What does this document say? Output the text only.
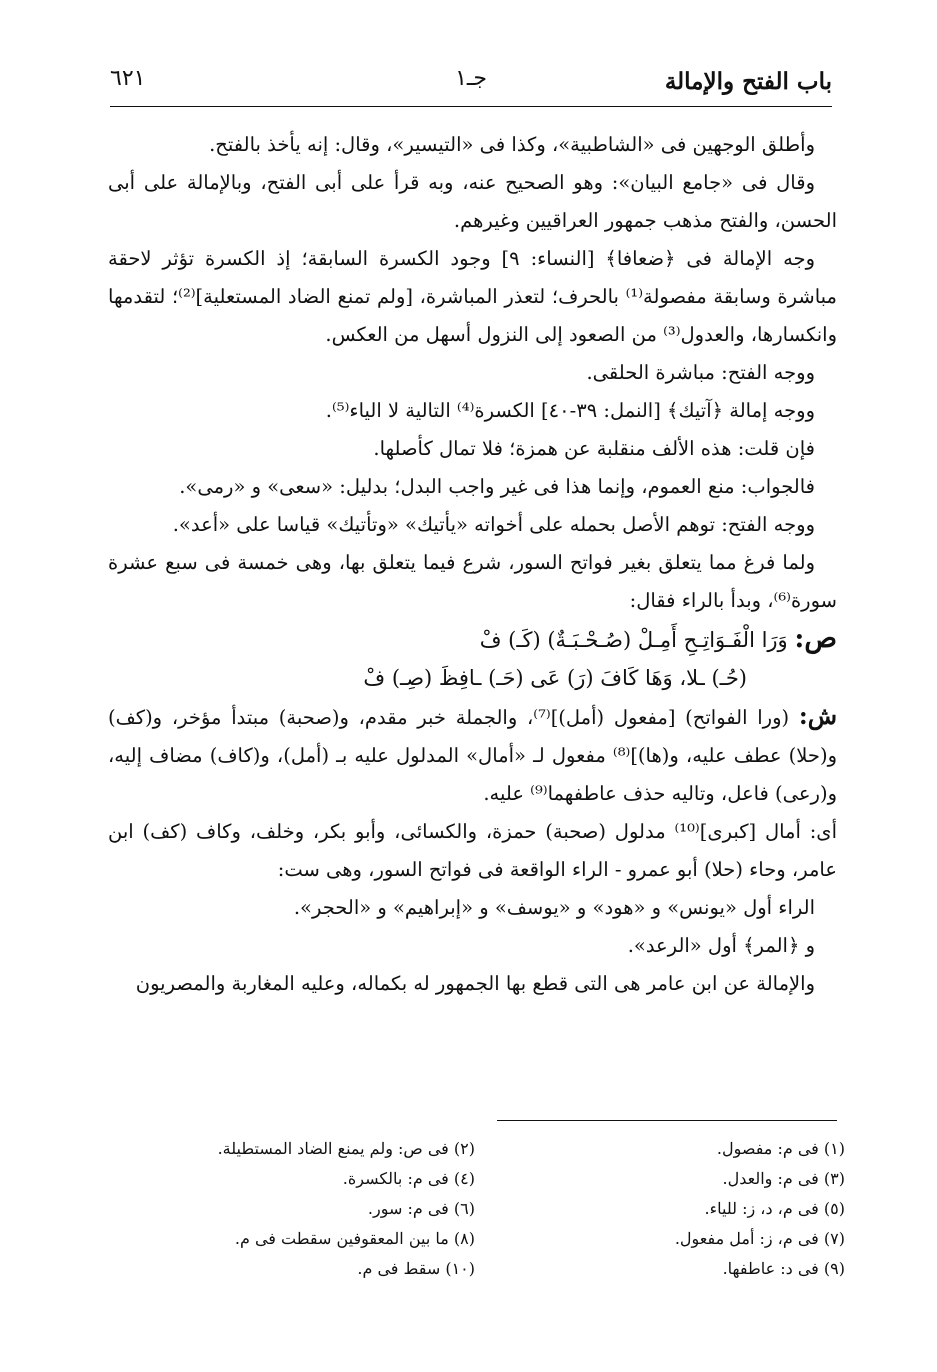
باب الفتح والإمالة
جـ١
٦٢١

وأطلق الوجهين فى «الشاطبية»، وكذا فى «التيسير»، وقال: إنه يأخذ بالفتح.

وقال فى «جامع البيان»: وهو الصحيح عنه، وبه قرأ على أبى الفتح، وبالإمالة على أبى الحسن، والفتح مذهب جمهور العراقيين وغيرهم.

وجه الإمالة فى ﴿ضعافا﴾ [النساء: ٩] وجود الكسرة السابقة؛ إذ الكسرة تؤثر لاحقة مباشرة وسابقة مفصولة⁽¹⁾ بالحرف؛ لتعذر المباشرة، [ولم تمنع الضاد المستعلية]⁽²⁾؛ لتقدمها وانكسارها، والعدول⁽³⁾ من الصعود إلى النزول أسهل من العكس.

ووجه الفتح: مباشرة الحلقى.

ووجه إمالة ﴿آتيك﴾ [النمل: ٣٩-٤٠] الكسرة⁽⁴⁾ التالية لا الياء⁽⁵⁾.

فإن قلت: هذه الألف منقلبة عن همزة؛ فلا تمال كأصلها.

فالجواب: منع العموم، وإنما هذا فى غير واجب البدل؛ بدليل: «سعى» و «رمى».

ووجه الفتح: توهم الأصل بحمله على أخواته «يأتيك» «وتأتيك» قياسا على «أعد».

ولما فرغ مما يتعلق بغير فواتح السور، شرع فيما يتعلق بها، وهى خمسة فى سبع عشرة سورة⁽⁶⁾، وبدأ بالراء فقال:

ص: وَرَا الْفَـوَاتِـحِ أَمِـلْ (صُـحْـبَـةٌ) (كَـ) فْ

(حُـ) ـلا، وَهَا كَافَ (رَ) عَى (حَـ) ـافِظَ (صِـ) فْ

ش: (ورا الفواتح) [مفعول (أمل)]⁽⁷⁾، والجملة خبر مقدم، و(صحبة) مبتدأ مؤخر، و(كف) و(حلا) عطف عليه، و(ها)]⁽⁸⁾ مفعول لـ «أمال» المدلول عليه بـ (أمل)، و(كاف) مضاف إليه، و(رعى) فاعل، وتاليه حذف عاطفهما⁽⁹⁾ عليه.

أى: أمال [كبرى]⁽¹⁰⁾ مدلول (صحبة) حمزة، والكسائى، وأبو بكر، وخلف، وكاف (كف) ابن عامر، وحاء (حلا) أبو عمرو - الراء الواقعة فى فواتح السور، وهى ست:

الراء أول «يونس» و «هود» و «يوسف» و «إبراهيم» و «الحجر».

و ﴿المر﴾ أول «الرعد».

والإمالة عن ابن عامر هى التى قطع بها الجمهور له بكماله، وعليه المغاربة والمصريون

(١) فى م: مفصول.
(٣) فى م: والعدل.
(٥) فى م، د، ز: للياء.
(٧) فى م، ز: أمل مفعول.
(٩) فى د: عاطفها.
(٢) فى ص: ولم يمنع الضاد المستطيلة.
(٤) فى م: بالكسرة.
(٦) فى م: سور.
(٨) ما بين المعقوفين سقطت فى م.
(١٠) سقط فى م.
